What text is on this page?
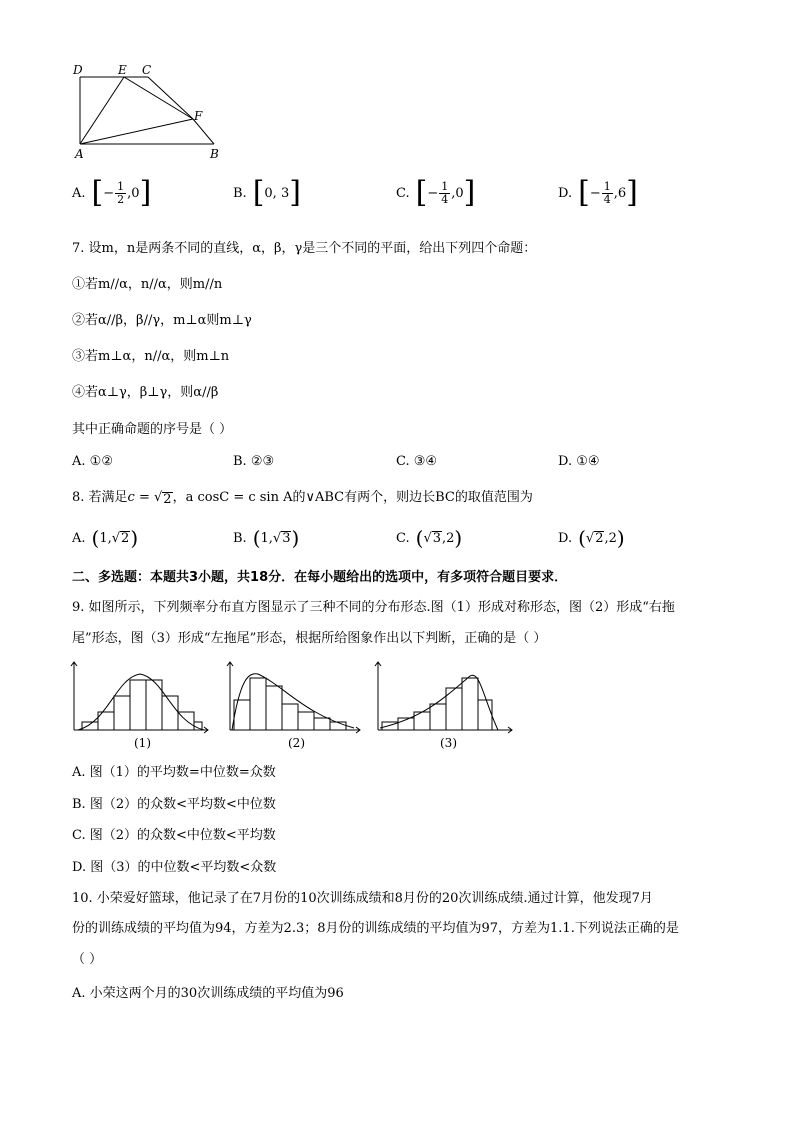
D	E C
F
A	B
A. [ − $\frac{1}{2} ,0$ ]	B. [ 0, 3 ]	C. [ − $\frac{1}{4} ,0$ ]	D. [ − $\frac{1}{4} ,6$ ]
7. 设m，n是两条不同的直线，α，β，γ是三个不同的平面，给出下列四个命题：
①若m//α，n//α，则m//n
②若α//β，β//γ，m⊥α则m⊥γ
③若m⊥α，n//α，则m⊥n
④若α⊥γ，β⊥γ，则α//β
其中正确命题的序号是（ ）
A. ①②	B. ②③	C. ③④	D. ①④
8. 若满足c = √ 2 ，a cosC = c sin A的∨ABC有两个，则边长BC的取值范围为
A. ( 1, √ 2 )	B. ( 1, √ 3 )	C. ( √ 3 ,2 )	D. ( √ 2 ,2 )
二、多选题：本题共3小题，共18分．在每小题给出的选项中，有多项符合题目要求．
9. 如图所示，下列频率分布直方图显示了三种不同的分布形态.图（1）形成对称形态，图（2）形成“右拖
尾”形态，图（3）形成“左拖尾”形态，根据所给图象作出以下判断，正确的是（ ）
(1)	(2)	(3)
A. 图（1）的平均数=中位数=众数
B. 图（2）的众数<平均数<中位数
C. 图（2）的众数<中位数<平均数
D. 图（3）的中位数<平均数<众数
10. 小荣爱好篮球，他记录了在7月份的10次训练成绩和8月份的20次训练成绩.通过计算，他发现7月
份的训练成绩的平均值为94，方差为2.3；8月份的训练成绩的平均值为97，方差为1.1.下列说法正确的是
（ ）
A. 小荣这两个月的30次训练成绩的平均值为96
